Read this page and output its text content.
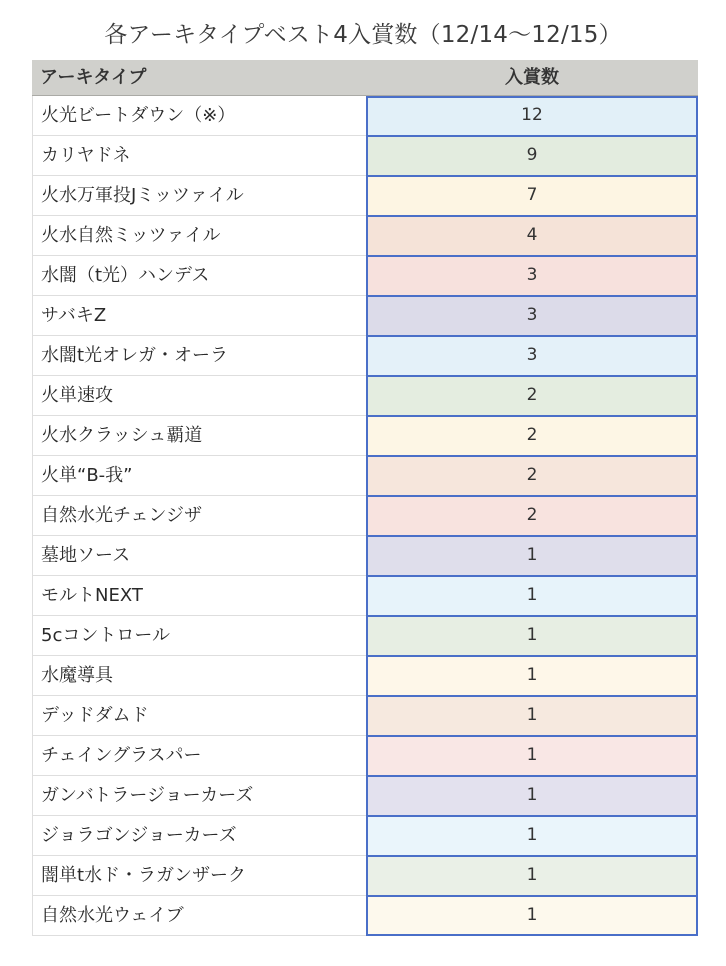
各アーキタイプベスト4入賞数（12/14〜12/15）
アーキタイプ	入賞数
火光ビートダウン（※）	12
カリヤドネ	9
火水万軍投Jミッツァイル	7
火水自然ミッツァイル	4
水闇（t光）ハンデス	3
サバキZ	3
水闇t光オレガ・オーラ	3
火単速攻	2
火水クラッシュ覇道	2
火単“B-我”	2
自然水光チェンジザ	2
墓地ソース	1
モルトNEXT	1
5cコントロール	1
水魔導具	1
デッドダムド	1
チェイングラスパー	1
ガンバトラージョーカーズ	1
ジョラゴンジョーカーズ	1
闇単t水ド・ラガンザーク	1
自然水光ウェイブ	1
